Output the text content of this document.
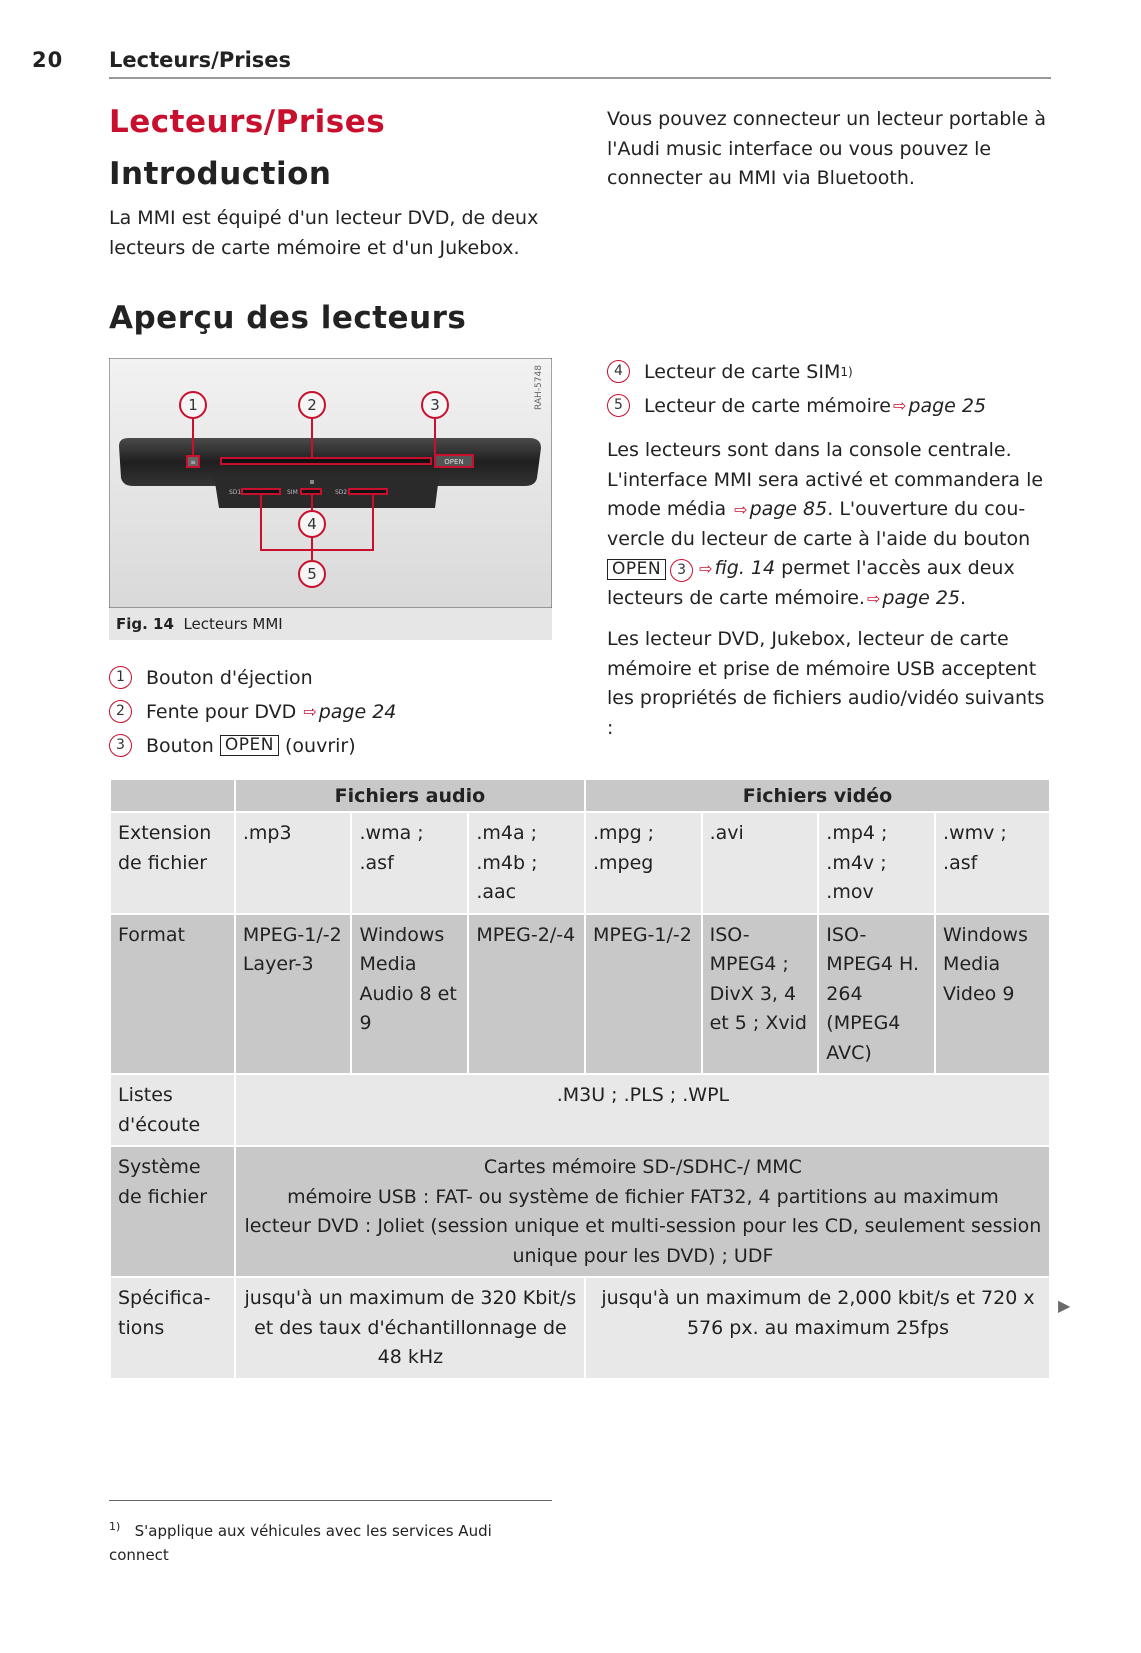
20 Lecteurs/Prises
Lecteurs/Prises
Introduction
La MMI est équipé d'un lecteur DVD, de deux lecteurs de carte mémoire et d'un Jukebox.
Vous pouvez connecteur un lecteur portable à l'Audi music interface ou vous pouvez le connecter au MMI via Bluetooth.
Aperçu des lecteurs
≡	OPEN
SD1	SIM	SD2
1	2	3
4
5
RAH-5748
Fig. 14 Lecteurs MMI
1	Bouton d'éjection
2	Fente pour DVD ⇨ page 24
3	Bouton
OPEN
(ouvrir)
4	Lecteur de carte SIM 1)
5	Lecteur de carte mémoire ⇨ page 25
Les lecteurs sont dans la console centrale.
L'interface MMI sera activé et commandera le
mode média ⇨ page 85. L'ouverture du cou-
vercle du lecteur de carte à l'aide du bouton
OPEN 3 ⇨ fig. 14 permet l'accès aux deux
lecteurs de carte mémoire. ⇨ page 25.
Les lecteur DVD, Jukebox, lecteur de carte mémoire et prise de mémoire USB acceptent les propriétés de fichiers audio/vidéo suivants :
	Fichiers audio			Fichiers vidéo			
Extension de fichier	.mp3	.wma ; .asf	.m4a ; .m4b ; .aac	.mpg ; .mpeg	.avi	.mp4 ; .m4v ; .mov	.wmv ; .asf
Format	MPEG-1/-2 Layer-3	Windows Media Audio 8 et 9	MPEG-2/-4	MPEG-1/-2	ISO-MPEG4 ; DivX 3, 4 et 5 ; Xvid	ISO-MPEG4 H. 264 (MPEG4 AVC)	Windows Media Video 9
Listes d'écoute	.M3U ; .PLS ; .WPL						
Système de fichier	Cartes mémoire SD-/SDHC-/ MMC
mémoire USB : FAT- ou système de fichier FAT32, 4 partitions au maximum
lecteur DVD : Joliet (session unique et multi-session pour les CD, seulement session unique pour les DVD) ; UDF						

Spécifica- tions	jusqu'à un maximum de 320 Kbit/s et des taux d'échantillonnage de 48 kHz			jusqu'à un maximum de 2,000 kbit/s et 720 x 576 px. au maximum 25fps			
▶
$^{1)}$ S'applique aux véhicules avec les services Audi connect
